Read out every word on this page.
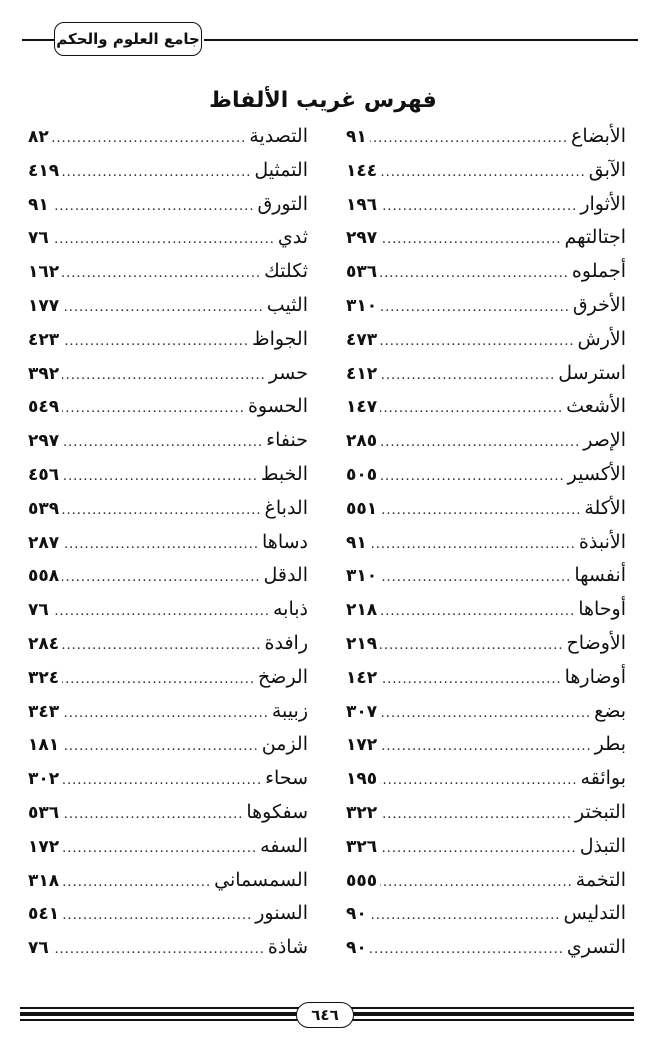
جامع العلوم والحكم
فهرس غريب الألفاظ
الأبضاع
.....
٩١
الآبق
.....
١٤٤
الأثوار
.....
١٩٦
اجتالتهم
.....
٢٩٧
أجملوه
.....
٥٣٦
الأخرق
.....
٣١٠
الأرش
.....
٤٧٣
استرسل
.....
٤١٢
الأشعث
.....
١٤٧
الإصر
.....
٢٨٥
الأكسير
.....
٥٠٥
الأكلة
.....
٥٥١
الأنبذة
.....
٩١
أنفسها
.....
٣١٠
أوحاها
.....
٢١٨
الأوضاح
.....
٢١٩
أوضارها
.....
١٤٢
بضع
.....
٣٠٧
بطر
.....
١٧٢
بوائقه
.....
١٩٥
التبختر
.....
٣٢٢
التبذل
.....
٣٢٦
التخمة
.....
٥٥٥
التدليس
.....
٩٠
التسري
.....
٩٠
التصدية
.....
٨٢
التمثيل
.....
٤١٩
التورق
.....
٩١
ثدي
.....
٧٦
ثكلتك
.....
١٦٢
الثيب
.....
١٧٧
الجواظ
.....
٤٢٣
حسر
.....
٣٩٢
الحسوة
.....
٥٤٩
حنفاء
.....
٢٩٧
الخبط
.....
٤٥٦
الدباغ
.....
٥٣٩
دساها
.....
٢٨٧
الدقل
.....
٥٥٨
ذبابه
.....
٧٦
رافدة
.....
٢٨٤
الرضخ
.....
٣٢٤
زبيبة
.....
٣٤٣
الزمن
.....
١٨١
سحاء
.....
٣٠٢
سفكوها
.....
٥٣٦
السفه
.....
١٧٢
السمسماني
.....
٣١٨
السنور
.....
٥٤١
شاذة
.....
٧٦
٦٤٦
